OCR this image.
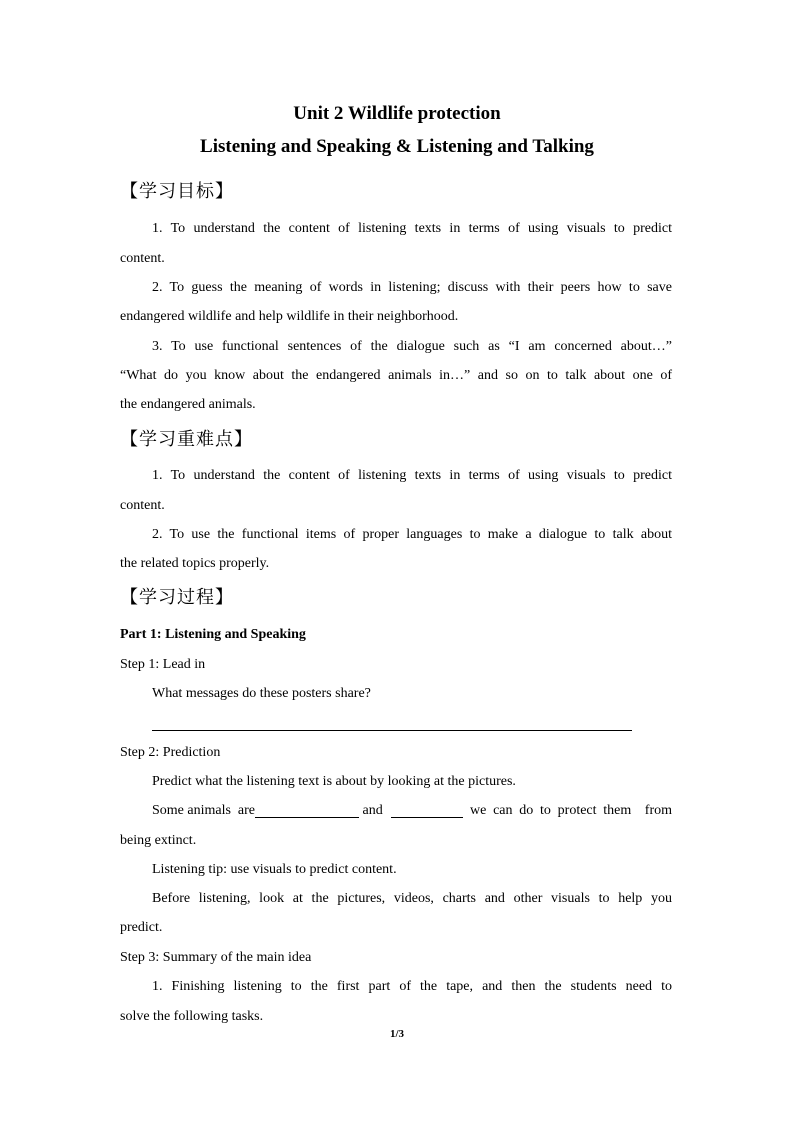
Unit 2 Wildlife protection
Listening and Speaking & Listening and Talking
【学习目标】
1. To understand the content of listening texts in terms of using visuals to predict
content.
2. To guess the meaning of words in listening; discuss with their peers how to save
endangered wildlife and help wildlife in their neighborhood.
3. To use functional sentences of the dialogue such as “I am concerned about…”
“What do you know about the endangered animals in…” and so on to talk about one of
the endangered animals.
【学习重难点】
1. To understand the content of listening texts in terms of using visuals to predict
content.
2. To use the functional items of proper languages to make a dialogue to talk about
the related topics properly.
【学习过程】
Part 1: Listening and Speaking
Step 1: Lead in
What messages do these posters share?
Step 2: Prediction
Predict what the listening text is about by looking at the pictures.
Some animals  are	and	we can do to protect them  from
being extinct.
Listening tip: use visuals to predict content.
Before listening, look at the pictures, videos, charts and other visuals to help you
predict.
Step 3: Summary of the main idea
1. Finishing listening to the first part of the tape, and then the students need to
solve the following tasks.
1/3
